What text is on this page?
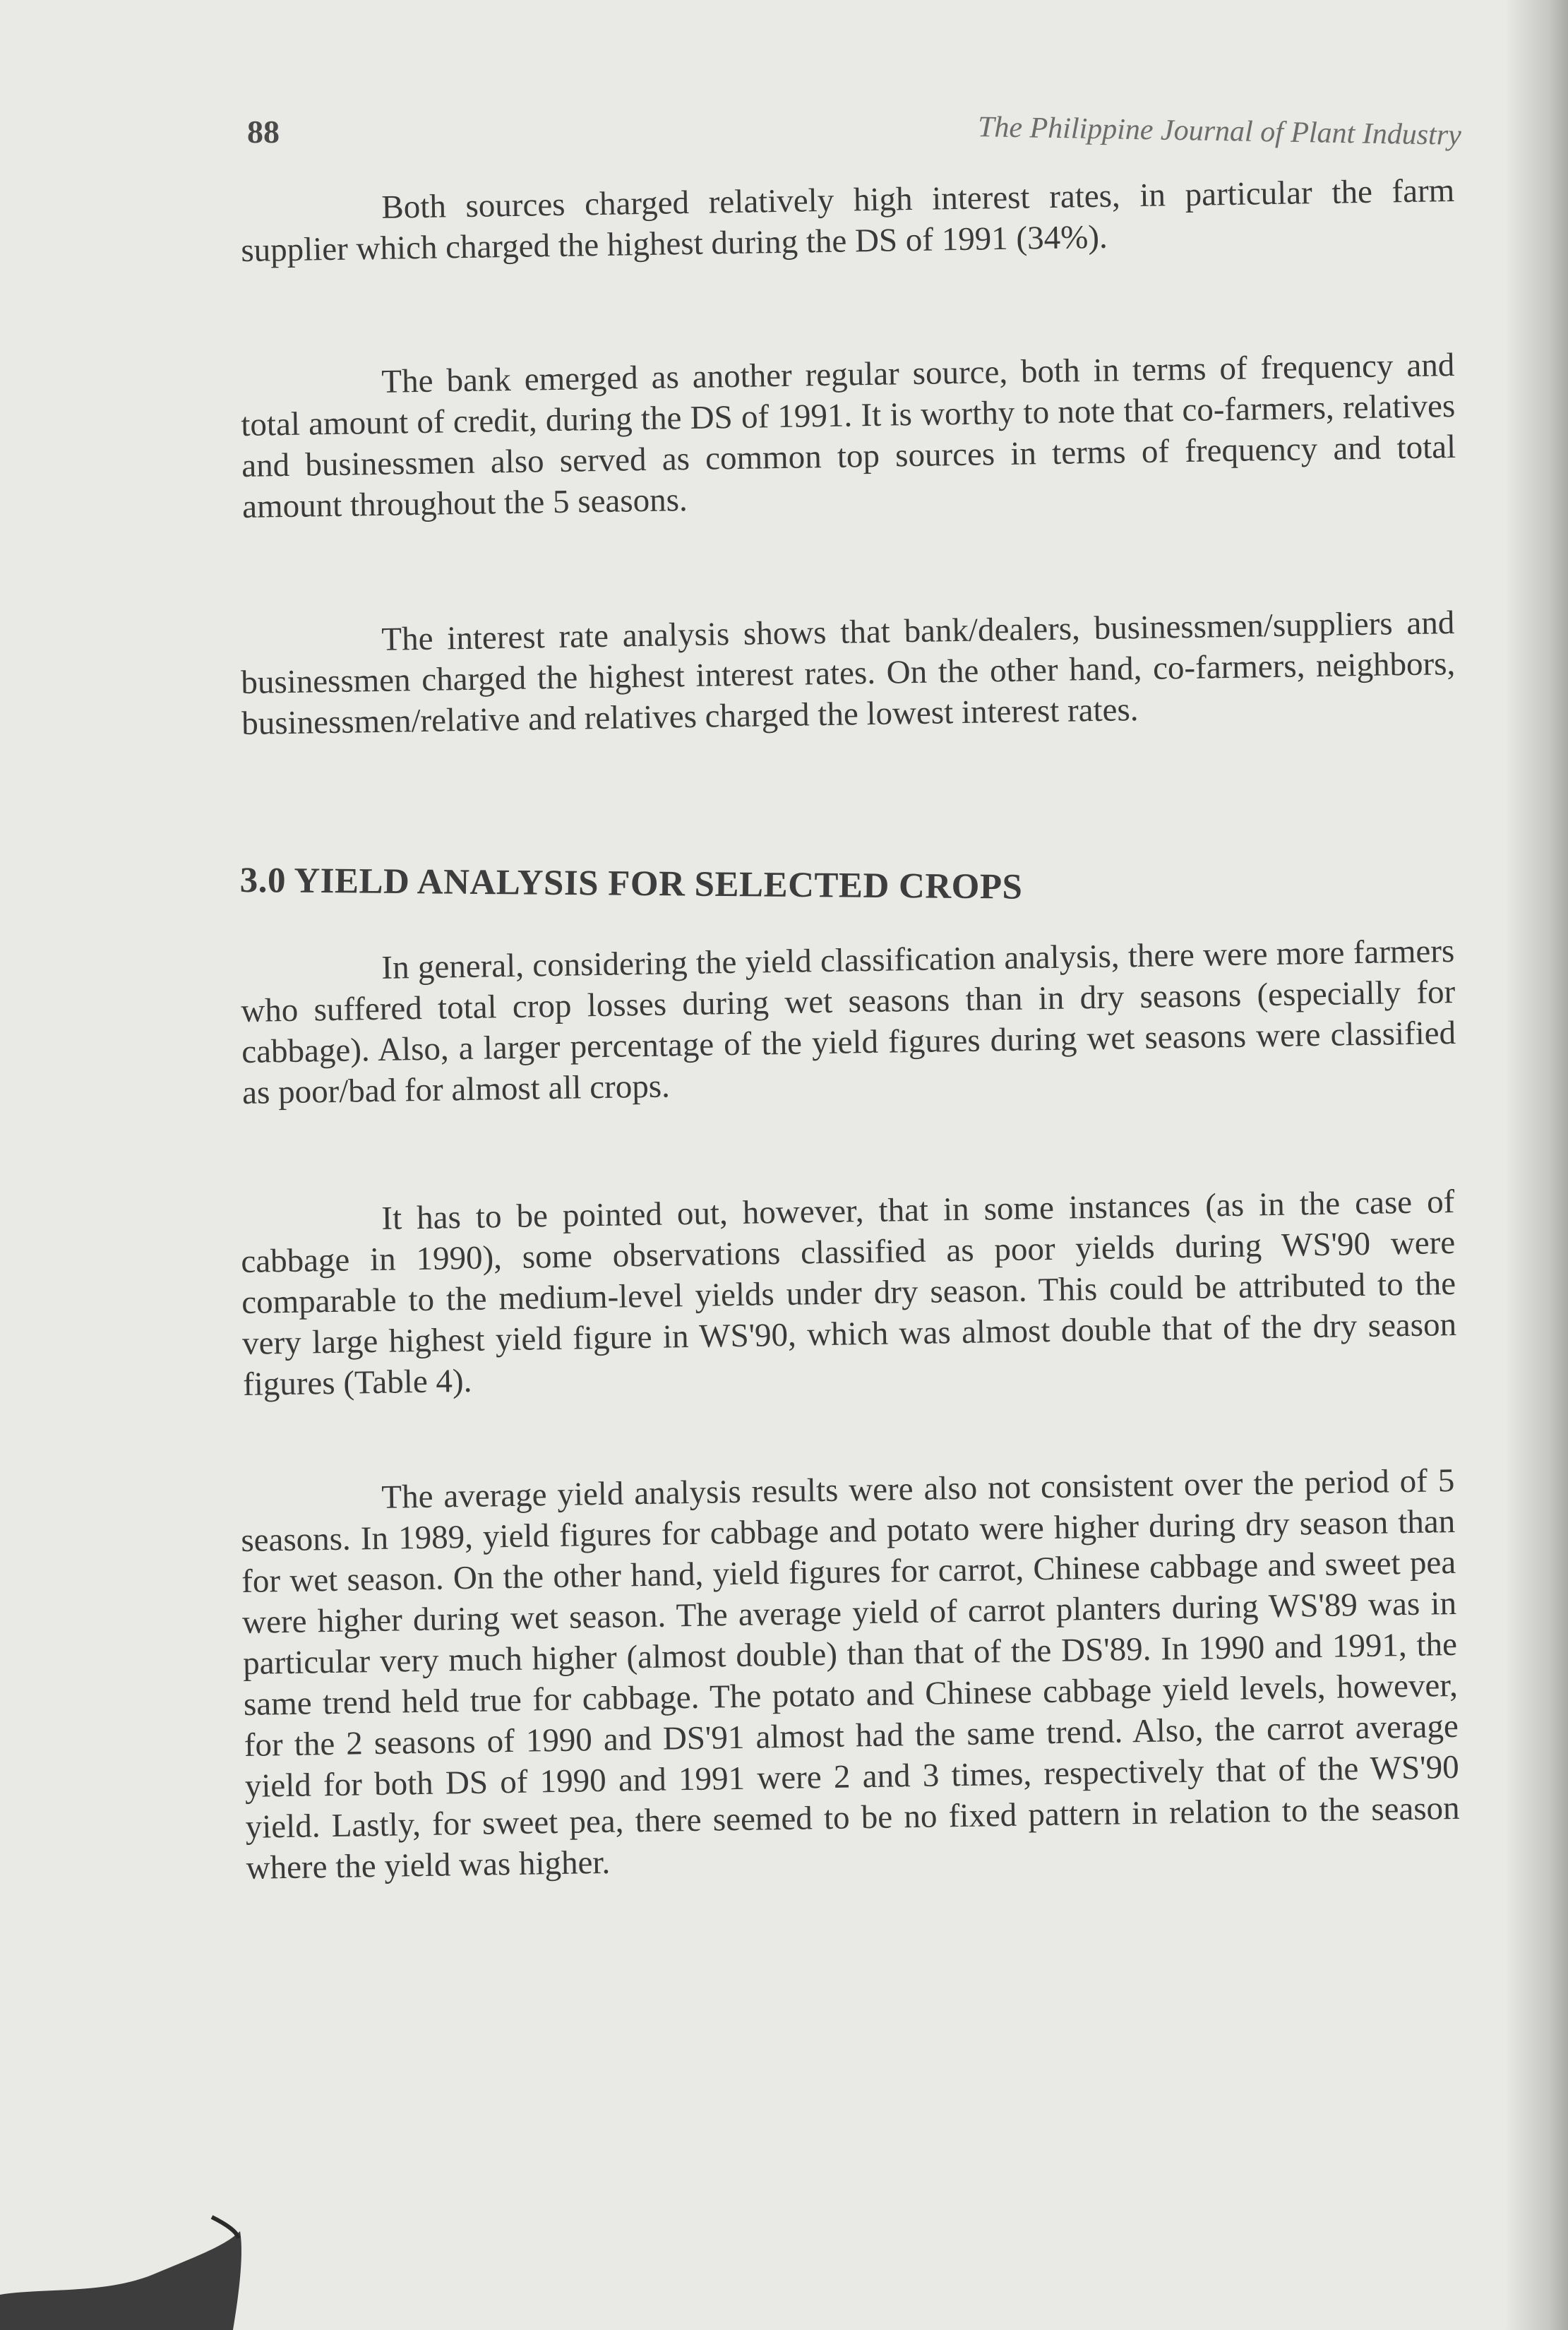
88	The Philippine Journal of Plant Industry

Both sources charged relatively high interest rates, in particular the farm supplier which charged the highest during the DS of 1991 (34%).

The bank emerged as another regular source, both in terms of frequency and total amount of credit, during the DS of 1991. It is worthy to note that co-farmers, relatives and businessmen also served as common top sources in terms of frequency and total amount throughout the 5 seasons.

The interest rate analysis shows that bank/dealers, businessmen/suppliers and businessmen charged the highest interest rates. On the other hand, co-farmers, neighbors, businessmen/relative and relatives charged the lowest interest rates.

3.0 YIELD ANALYSIS FOR SELECTED CROPS

In general, considering the yield classification analysis, there were more farmers who suffered total crop losses during wet seasons than in dry seasons (especially for cabbage). Also, a larger percentage of the yield figures during wet seasons were classified as poor/bad for almost all crops.

It has to be pointed out, however, that in some instances (as in the case of cabbage in 1990), some observations classified as poor yields during WS'90 were comparable to the medium-level yields under dry season. This could be attributed to the very large highest yield figure in WS'90, which was almost double that of the dry season figures (Table 4).

The average yield analysis results were also not consistent over the period of 5 seasons. In 1989, yield figures for cabbage and potato were higher during dry season than for wet season. On the other hand, yield figures for carrot, Chinese cabbage and sweet pea were higher during wet season. The average yield of carrot planters during WS'89 was in particular very much higher (almost double) than that of the DS'89. In 1990 and 1991, the same trend held true for cabbage. The potato and Chinese cabbage yield levels, however, for the 2 seasons of 1990 and DS'91 almost had the same trend. Also, the carrot average yield for both DS of 1990 and 1991 were 2 and 3 times, respectively that of the WS'90 yield. Lastly, for sweet pea, there seemed to be no fixed pattern in relation to the season where the yield was higher.
